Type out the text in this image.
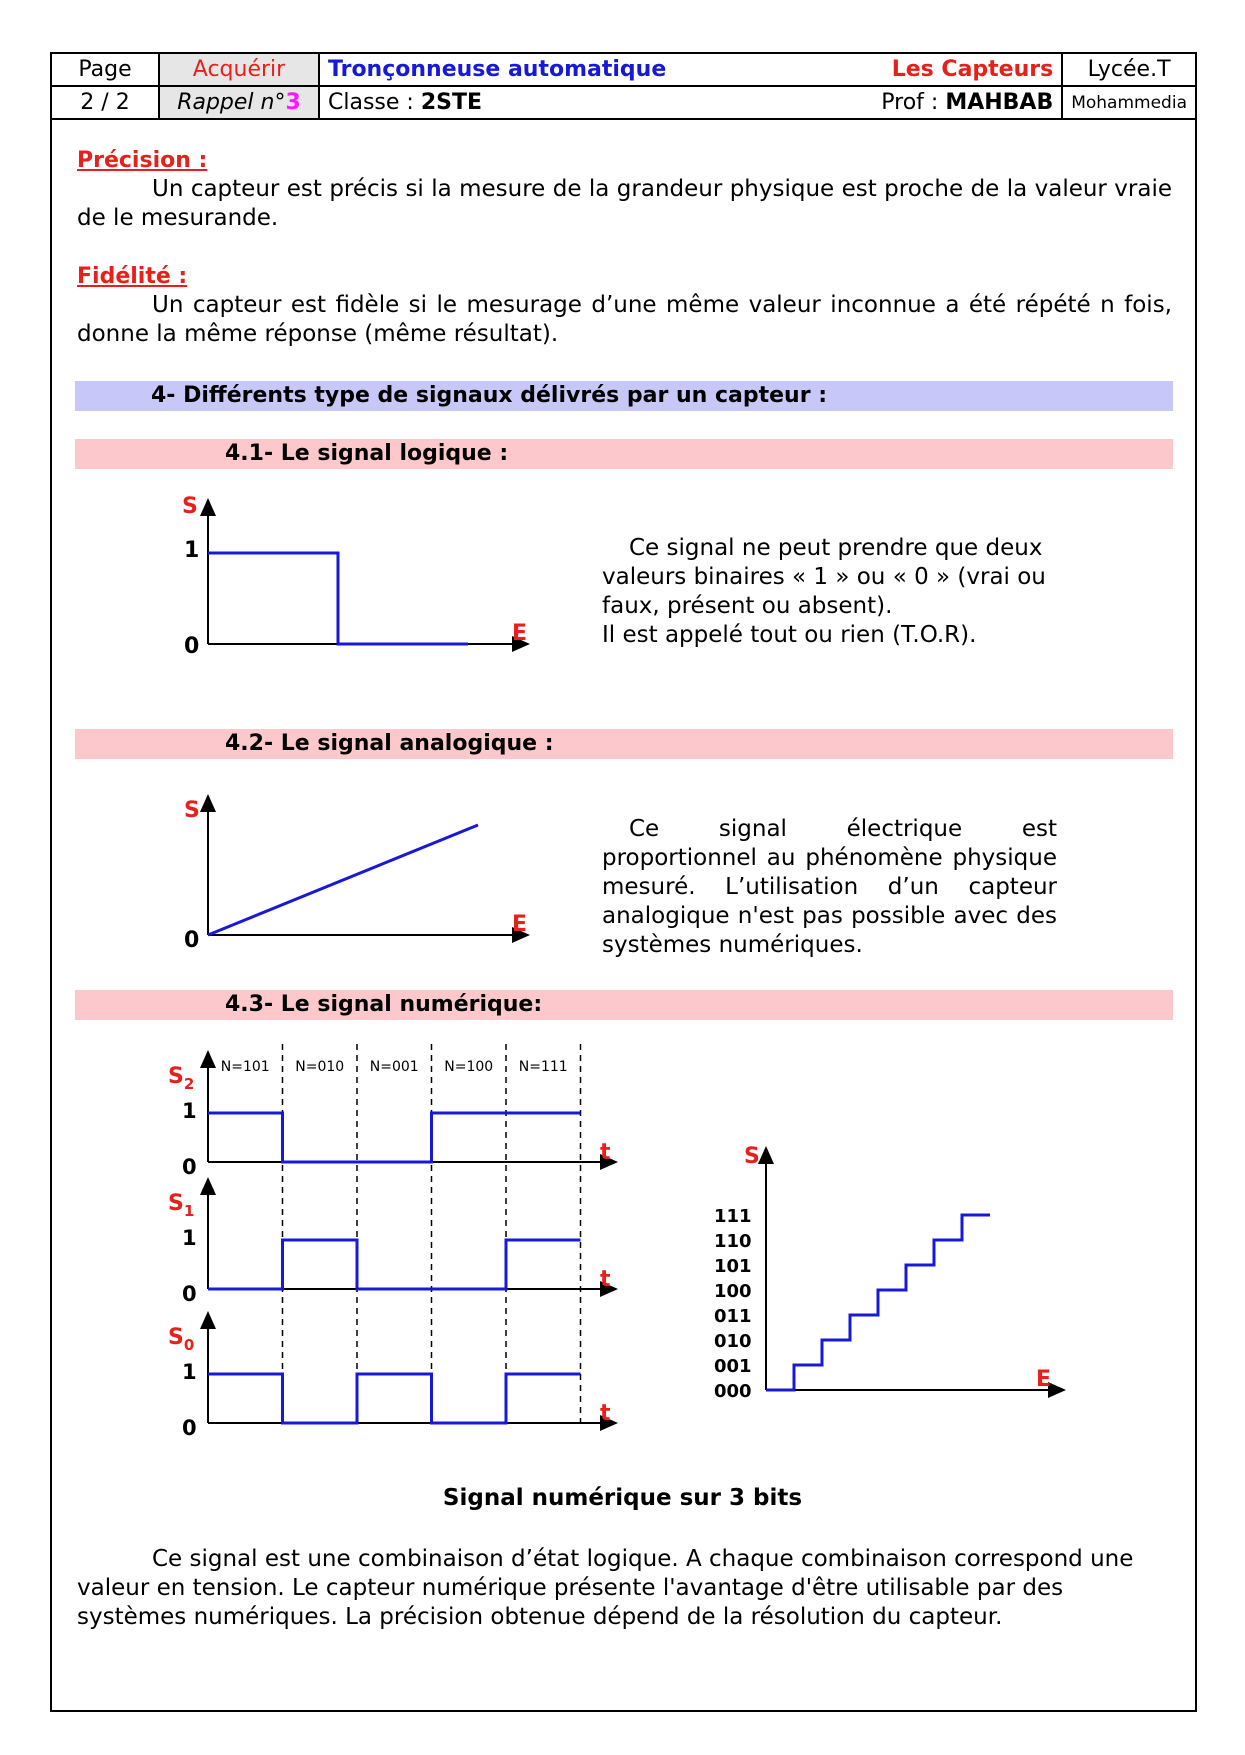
Page	Acquérir	Tronçonneuse automatique	Les Capteurs	Lycée.T
2 / 2	Rappel n°3	Classe : 2STE	Prof : MAHBAB	Mohammedia
Précision :
Un capteur est précis si la mesure de la grandeur physique est proche de la valeur vraie de le mesurande.
Fidélité :
Un capteur est fidèle si le mesurage d’une même valeur inconnue a été répété n fois, donne la même réponse (même résultat).
4- Différents type de signaux délivrés par un capteur :
4.1- Le signal logique :
S
E
1
0
Ce signal ne peut prendre que deux valeurs binaires « 1 » ou « 0 » (vrai ou faux, présent ou absent).
Il est appelé tout ou rien (T.O.R).
4.2- Le signal analogique :
S
E
0
Ce signal électrique est proportionnel au phénomène physique mesuré. L’utilisation d’un capteur analogique n'est pas possible avec des systèmes numériques.
4.3- Le signal numérique:
N=101 N=010 N=001 N=100 N=111
$S_2$
1
0
t
$S_1$
1
0
t
$S_0$
1
0
t
S
E
000
001
010
011
100
101
110
111
Signal numérique sur 3 bits
Ce signal est une combinaison d’état logique. A chaque combinaison correspond une valeur en tension. Le capteur numérique présente l'avantage d'être utilisable par des systèmes numériques. La précision obtenue dépend de la résolution du capteur.
